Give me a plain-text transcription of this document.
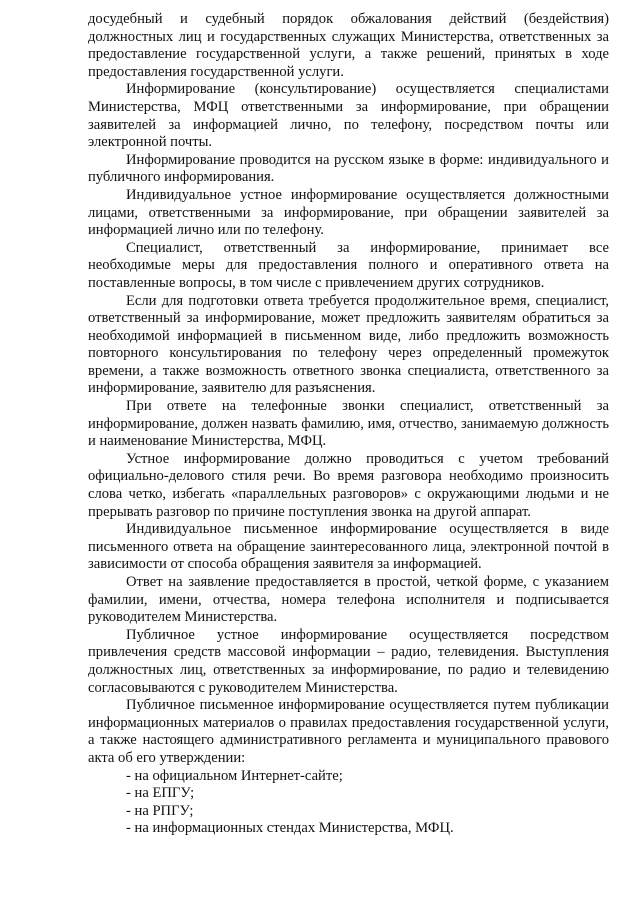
досудебный и судебный порядок обжалования действий (бездействия) должностных лиц и государственных служащих Министерства, ответственных за предоставление государственной услуги, а также решений, принятых в ходе предоставления государственной услуги.

Информирование (консультирование) осуществляется специалистами Министерства, МФЦ ответственными за информирование, при обращении заявителей за информацией лично, по телефону, посредством почты или электронной почты.

Информирование проводится на русском языке в форме: индивидуального и публичного информирования.

Индивидуальное устное информирование осуществляется должностными лицами, ответственными за информирование, при обращении заявителей за информацией лично или по телефону.

Специалист, ответственный за информирование, принимает все необходимые меры для предоставления полного и оперативного ответа на поставленные вопросы, в том числе с привлечением других сотрудников.

Если для подготовки ответа требуется продолжительное время, специалист, ответственный за информирование, может предложить заявителям обратиться за необходимой информацией в письменном виде, либо предложить возможность повторного консультирования по телефону через определенный промежуток времени, а также возможность ответного звонка специалиста, ответственного за информирование, заявителю для разъяснения.

При ответе на телефонные звонки специалист, ответственный за информирование, должен назвать фамилию, имя, отчество, занимаемую должность и наименование Министерства, МФЦ.

Устное информирование должно проводиться с учетом требований официально-делового стиля речи. Во время разговора необходимо произносить слова четко, избегать «параллельных разговоров» с окружающими людьми и не прерывать разговор по причине поступления звонка на другой аппарат.

Индивидуальное письменное информирование осуществляется в виде письменного ответа на обращение заинтересованного лица, электронной почтой в зависимости от способа обращения заявителя за информацией.

Ответ на заявление предоставляется в простой, четкой форме, с указанием фамилии, имени, отчества, номера телефона исполнителя и подписывается руководителем Министерства.

Публичное устное информирование осуществляется посредством привлечения средств массовой информации – радио, телевидения. Выступления должностных лиц, ответственных за информирование, по радио и телевидению согласовываются с руководителем Министерства.

Публичное письменное информирование осуществляется путем публикации информационных материалов о правилах предоставления государственной услуги, а также настоящего административного регламента и муниципального правового акта об его утверждении:

- на официальном Интернет-сайте;
- на ЕПГУ;
- на РПГУ;
- на информационных стендах Министерства, МФЦ.
